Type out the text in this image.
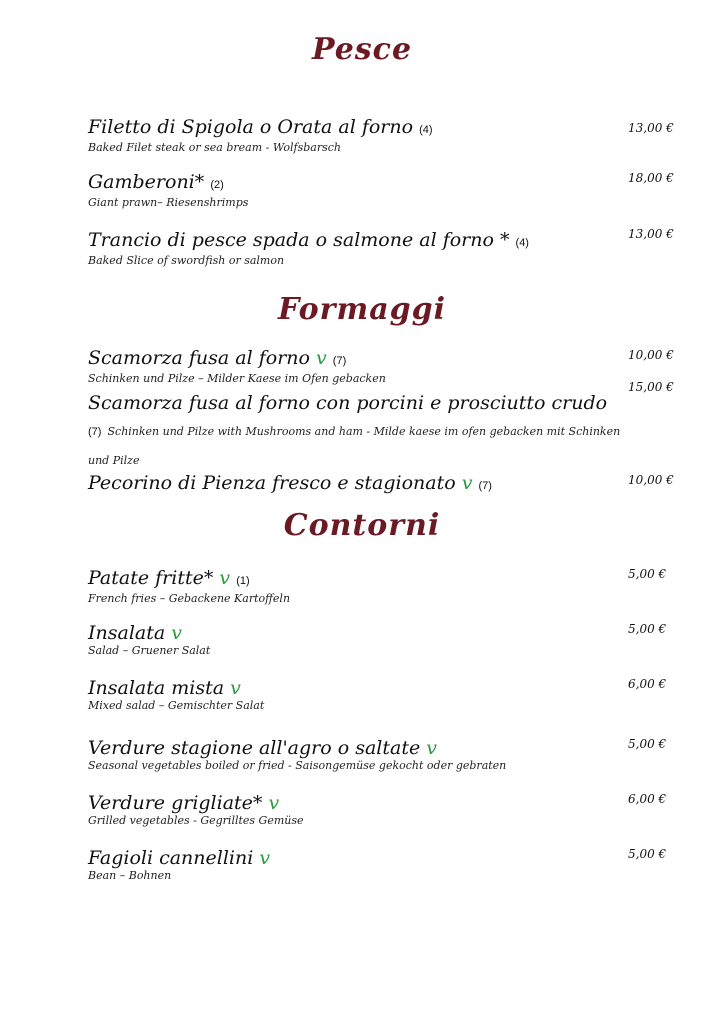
Pesce
Filetto di Spigola o Orata al forno (4)
Baked Filet steak or sea bream - Wolfsbarsch
13,00 €
Gamberoni* (2)
Giant prawn– Riesenshrimps
18,00 €
Trancio di pesce spada o salmone al forno * (4)
Baked Slice of swordfish or salmon
13,00 €
Formaggi
Scamorza fusa al forno v (7)
Schinken und Pilze – Milder Kaese im Ofen gebacken
10,00 €
Scamorza fusa al forno con porcini e prosciutto crudo (7) Schinken und Pilze with Mushrooms and ham - Milde kaese im ofen gebacken mit Schinken und Pilze
15,00 €
Pecorino di Pienza fresco e stagionato v (7)	10,00 €
Contorni
Patate fritte* v (1)
French fries – Gebackene Kartoffeln
5,00 €
Insalata v
Salad – Gruener Salat
5,00 €
Insalata mista v
Mixed salad – Gemischter Salat
6,00 €
Verdure stagione all'agro o saltate v
Seasonal vegetables boiled or fried - Saisongemüse gekocht oder gebraten
5,00 €
Verdure grigliate* v
Grilled vegetables - Gegrilltes Gemüse
6,00 €
Fagioli cannellini v
Bean – Bohnen
5,00 €
